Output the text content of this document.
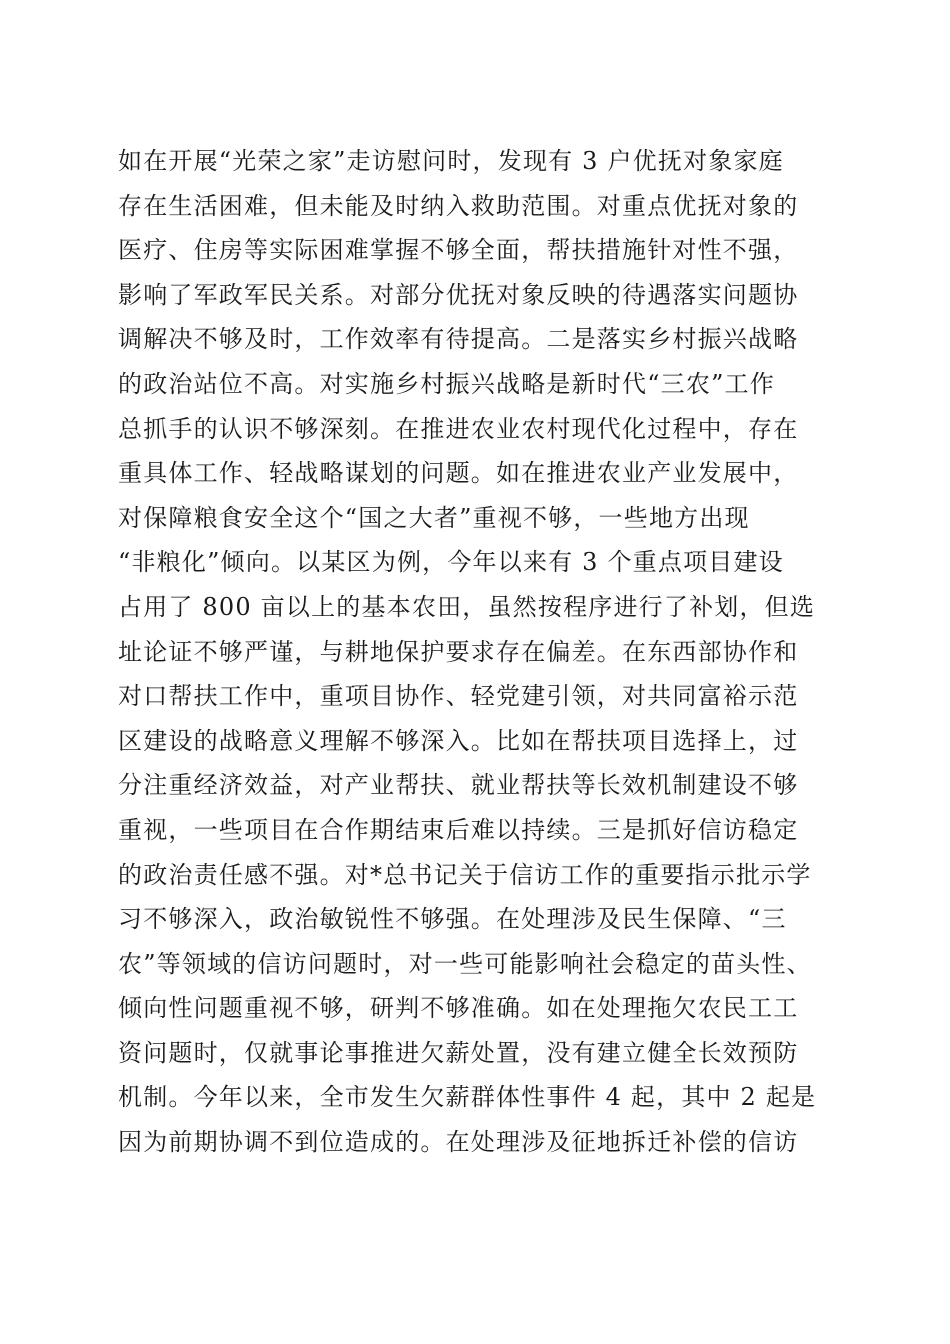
如在开展“光荣之家”走访慰问时，发现有 3 户优抚对象家庭
存在生活困难，但未能及时纳入救助范围。对重点优抚对象的
医疗、住房等实际困难掌握不够全面，帮扶措施针对性不强，
影响了军政军民关系。对部分优抚对象反映的待遇落实问题协
调解决不够及时，工作效率有待提高。二是落实乡村振兴战略
的政治站位不高。对实施乡村振兴战略是新时代“三农”工作
总抓手的认识不够深刻。在推进农业农村现代化过程中，存在
重具体工作、轻战略谋划的问题。如在推进农业产业发展中，
对保障粮食安全这个“国之大者”重视不够，一些地方出现
“非粮化”倾向。以某区为例，今年以来有 3 个重点项目建设
占用了 800 亩以上的基本农田，虽然按程序进行了补划，但选
址论证不够严谨，与耕地保护要求存在偏差。在东西部协作和
对口帮扶工作中，重项目协作、轻党建引领，对共同富裕示范
区建设的战略意义理解不够深入。比如在帮扶项目选择上，过
分注重经济效益，对产业帮扶、就业帮扶等长效机制建设不够
重视，一些项目在合作期结束后难以持续。三是抓好信访稳定
的政治责任感不强。对*总书记关于信访工作的重要指示批示学
习不够深入，政治敏锐性不够强。在处理涉及民生保障、“三
农”等领域的信访问题时，对一些可能影响社会稳定的苗头性、
倾向性问题重视不够，研判不够准确。如在处理拖欠农民工工
资问题时，仅就事论事推进欠薪处置，没有建立健全长效预防
机制。今年以来，全市发生欠薪群体性事件 4 起，其中 2 起是
因为前期协调不到位造成的。在处理涉及征地拆迁补偿的信访
